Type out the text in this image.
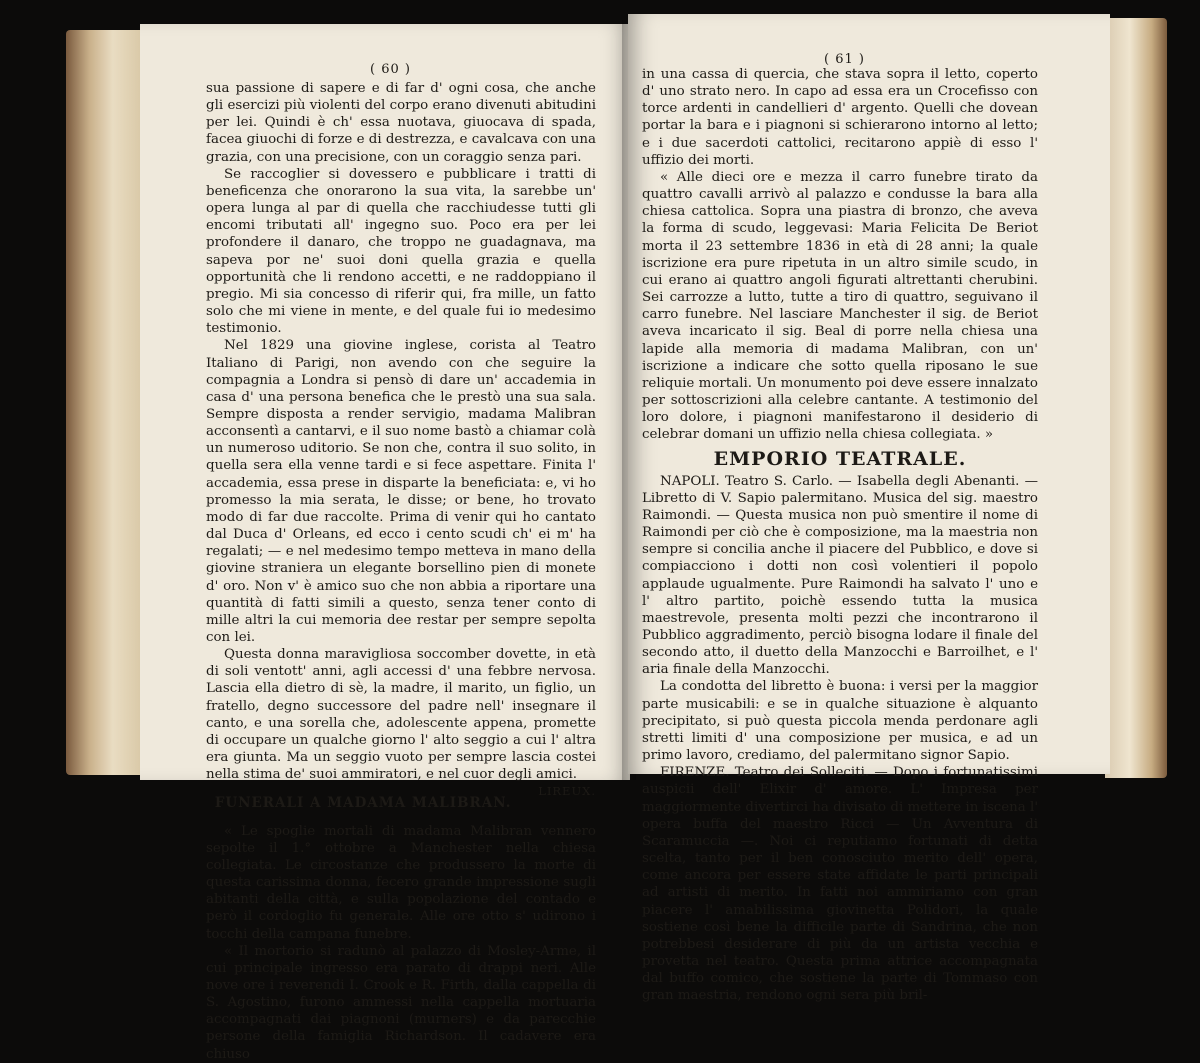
( 60 )

sua passione di sapere e di far d' ogni cosa, che anche gli esercizi più violenti del corpo erano divenuti abitudini per lei. Quindi è ch' essa nuotava, giuocava di spada, facea giuochi di forze e di destrezza, e cavalcava con una grazia, con una precisione, con un coraggio senza pari.

Se raccoglier si dovessero e pubblicare i tratti di beneficenza che onorarono la sua vita, la sarebbe un' opera lunga al par di quella che racchiudesse tutti gli encomi tributati all' ingegno suo. Poco era per lei profondere il danaro, che troppo ne guadagnava, ma sapeva por ne' suoi doni quella grazia e quella opportunità che li rendono accetti, e ne raddoppiano il pregio. Mi sia concesso di riferir qui, fra mille, un fatto solo che mi viene in mente, e del quale fui io medesimo testimonio.

Nel 1829 una giovine inglese, corista al Teatro Italiano di Parigi, non avendo con che seguire la compagnia a Londra si pensò di dare un' accademia in casa d' una persona benefica che le prestò una sua sala. Sempre disposta a render servigio, madama Malibran acconsentì a cantarvi, e il suo nome bastò a chiamar colà un numeroso uditorio. Se non che, contra il suo solito, in quella sera ella venne tardi e si fece aspettare. Finita l' accademia, essa prese in disparte la beneficiata: e, vi ho promesso la mia serata, le disse; or bene, ho trovato modo di far due raccolte. Prima di venir qui ho cantato dal Duca d' Orleans, ed ecco i cento scudi ch' ei m' ha regalati; — e nel medesimo tempo metteva in mano della giovine straniera un elegante borsellino pien di monete d' oro. Non v' è amico suo che non abbia a riportare una quantità di fatti simili a questo, senza tener conto di mille altri la cui memoria dee restar per sempre sepolta con lei.

Questa donna maravigliosa soccomber dovette, in età di soli ventott' anni, agli accessi d' una febbre nervosa. Lascia ella dietro di sè, la madre, il marito, un figlio, un fratello, degno successore del padre nell' insegnare il canto, e una sorella che, adolescente appena, promette di occupare un qualche giorno l' alto seggio a cui l' altra era giunta. Ma un seggio vuoto per sempre lascia costei nella stima de' suoi ammiratori, e nel cuor degli amici.
LIREUX.

FUNERALI A MADAMA MALIBRAN.

« Le spoglie mortali di madama Malibran vennero sepolte il 1.° ottobre a Manchester nella chiesa collegiata. Le circostanze che produssero la morte di questa carissima donna, fecero grande impressione sugli abitanti della città, e sulla popolazione del contado e però il cordoglio fu generale. Alle ore otto s' udirono i tocchi della campana funebre.

« Il mortorio si radunò al palazzo di Mosley-Arme, il cui principale ingresso era parato di drappi neri. Alle nove ore i reverendi I. Crook e R. Firth, dalla cappella di S. Agostino, furono ammessi nella cappella mortuaria accompagnati dai piagnoni (murners) e da parecchie persone della famiglia Richardson. Il cadavere era chiuso

( 61 )

in una cassa di quercia, che stava sopra il letto, coperto d' uno strato nero. In capo ad essa era un Crocefisso con torce ardenti in candellieri d' argento. Quelli che dovean portar la bara e i piagnoni si schierarono intorno al letto; e i due sacerdoti cattolici, recitarono appiè di esso l' uffizio dei morti.

« Alle dieci ore e mezza il carro funebre tirato da quattro cavalli arrivò al palazzo e condusse la bara alla chiesa cattolica. Sopra una piastra di bronzo, che aveva la forma di scudo, leggevasi: Maria Felicita De Beriot morta il 23 settembre 1836 in età di 28 anni; la quale iscrizione era pure ripetuta in un altro simile scudo, in cui erano ai quattro angoli figurati altrettanti cherubini. Sei carrozze a lutto, tutte a tiro di quattro, seguivano il carro funebre. Nel lasciare Manchester il sig. de Beriot aveva incaricato il sig. Beal di porre nella chiesa una lapide alla memoria di madama Malibran, con un' iscrizione a indicare che sotto quella riposano le sue reliquie mortali. Un monumento poi deve essere innalzato per sottoscrizioni alla celebre cantante. A testimonio del loro dolore, i piagnoni manifestarono il desiderio di celebrar domani un uffizio nella chiesa collegiata. »

EMPORIO TEATRALE.

NAPOLI. Teatro S. Carlo. — Isabella degli Abenanti. — Libretto di V. Sapio palermitano. Musica del sig. maestro Raimondi. — Questa musica non può smentire il nome di Raimondi per ciò che è composizione, ma la maestria non sempre si concilia anche il piacere del Pubblico, e dove si compiacciono i dotti non così volentieri il popolo applaude ugualmente. Pure Raimondi ha salvato l' uno e l' altro partito, poichè essendo tutta la musica maestrevole, presenta molti pezzi che incontrarono il Pubblico aggradimento, perciò bisogna lodare il finale del secondo atto, il duetto della Manzocchi e Barroilhet, e l' aria finale della Manzocchi.

La condotta del libretto è buona: i versi per la maggior parte musicabili: e se in qualche situazione è alquanto precipitato, si può questa piccola menda perdonare agli stretti limiti d' una composizione per musica, e ad un primo lavoro, crediamo, del palermitano signor Sapio.

FIRENZE. Teatro dei Solleciti. — Dopo i fortunatissimi auspicii dell' Elixir d' amore. L' Impresa per maggiormente divertirci ha divisato di mettere in iscena l' opera buffa del maestro Ricci — Un Avventura di Scaramuccia —. Noi ci reputiamo fortunati di detta scelta, tanto per il ben conosciuto merito dell' opera, come ancora per essere state affidate le parti principali ad artisti di merito. In fatti noi ammiriamo con gran piacere l' amabilissima giovinetta Polidori, la quale sostiene così bene la difficile parte di Sandrina, che non potrebbesi desiderare di più da un artista vecchia e provetta nel teatro. Questa prima attrice accompagnata dal buffo comico, che sostiene la parte di Tommaso con gran maestria, rendono ogni sera più bril-
